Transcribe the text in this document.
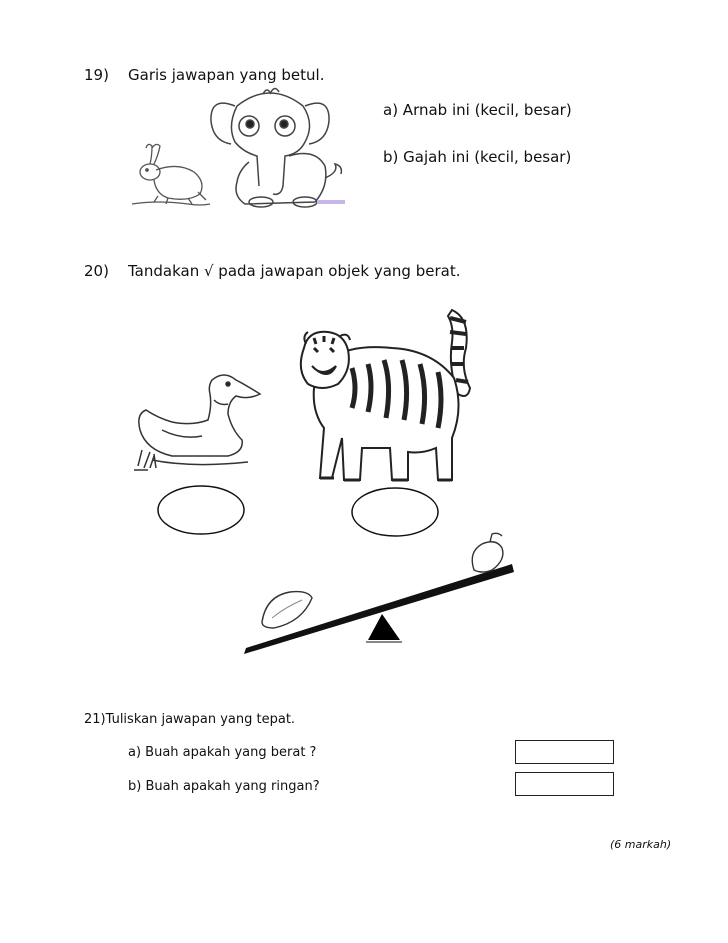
19) Garis jawapan yang betul.
a) Arnab ini (kecil, besar)
b) Gajah ini (kecil, besar)
20) Tandakan √ pada jawapan objek yang berat.
21)Tuliskan jawapan yang tepat.
a) Buah apakah yang berat ?
b) Buah apakah yang ringan?
(6 markah)
